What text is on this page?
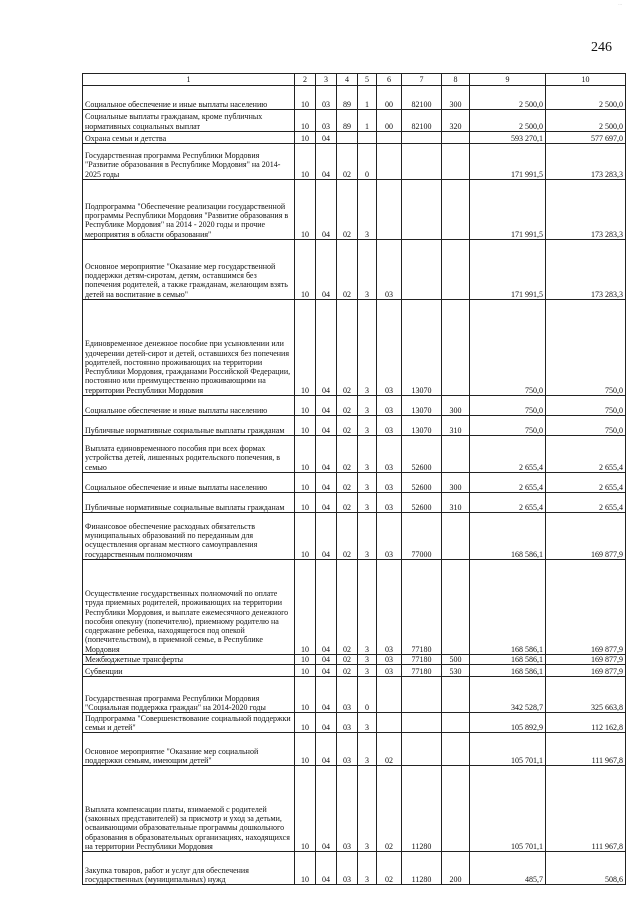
...
246
1	2	3	4	5	6	7	8	9	10
Социальное обеспечение и иные выплаты населению	10	03	89	1	00	82100	300	2 500,0	2 500,0
Социальные выплаты гражданам, кроме публичных нормативных социальных выплат	10	03	89	1	00	82100	320	2 500,0	2 500,0
Охрана семьи и детства	10	04						593 270,1	577 697,0
Государственная программа Республики Мордовия "Развитие образования в Республике Мордовия" на 2014-2025 годы	10	04	02	0				171 991,5	173 283,3
Подпрограмма "Обеспечение реализации государственной программы Республики Мордовия "Развитие образования в Республике Мордовия" на 2014 - 2020 годы и прочие мероприятия в области образования"	10	04	02	3				171 991,5	173 283,3
Основное мероприятие "Оказание мер государственной поддержки детям-сиротам, детям, оставшимся без попечения родителей, а также гражданам, желающим взять детей на воспитание в семью"	10	04	02	3	03			171 991,5	173 283,3
Единовременное денежное пособие при усыновлении или удочерении детей-сирот и детей, оставшихся без попечения родителей, постоянно проживающих на территории Республики Мордовия, гражданами Российской Федерации, постоянно или преимущественно проживающими на территории Республики Мордовия	10	04	02	3	03	13070		750,0	750,0
Социальное обеспечение и иные выплаты населению	10	04	02	3	03	13070	300	750,0	750,0
Публичные нормативные социальные выплаты гражданам	10	04	02	3	03	13070	310	750,0	750,0
Выплата единовременного пособия при всех формах устройства детей, лишенных родительского попечения, в семью	10	04	02	3	03	52600		2 655,4	2 655,4
Социальное обеспечение и иные выплаты населению	10	04	02	3	03	52600	300	2 655,4	2 655,4
Публичные нормативные социальные выплаты гражданам	10	04	02	3	03	52600	310	2 655,4	2 655,4
Финансовое обеспечение расходных обязательств муниципальных образований по переданным для осуществления органам местного самоуправления государственным полномочиям	10	04	02	3	03	77000		168 586,1	169 877,9
Осуществление государственных полномочий по оплате труда приемных родителей, проживающих на территории Республики Мордовия, и выплате ежемесячного денежного пособия опекуну (попечителю), приемному родителю на содержание ребенка, находящегося под опекой (попечительством), в приемной семье, в Республике Мордовия	10	04	02	3	03	77180		168 586,1	169 877,9
Межбюджетные трансферты	10	04	02	3	03	77180	500	168 586,1	169 877,9
Субвенции	10	04	02	3	03	77180	530	168 586,1	169 877,9
Государственная программа Республики Мордовия "Социальная поддержка граждан" на 2014-2020 годы	10	04	03	0				342 528,7	325 663,8
Подпрограмма "Совершенствование социальной поддержки семьи и детей"	10	04	03	3				105 892,9	112 162,8
Основное мероприятие "Оказание мер социальной поддержки семьям, имеющим детей"	10	04	03	3	02			105 701,1	111 967,8
Выплата компенсации платы, взимаемой с родителей (законных представителей) за присмотр и уход за детьми, осваивающими образовательные программы дошкольного образования в образовательных организациях, находящихся на территории Республики Мордовия	10	04	03	3	02	11280		105 701,1	111 967,8
Закупка товаров, работ и услуг для обеспечения государственных (муниципальных) нужд	10	04	03	3	02	11280	200	485,7	508,6
